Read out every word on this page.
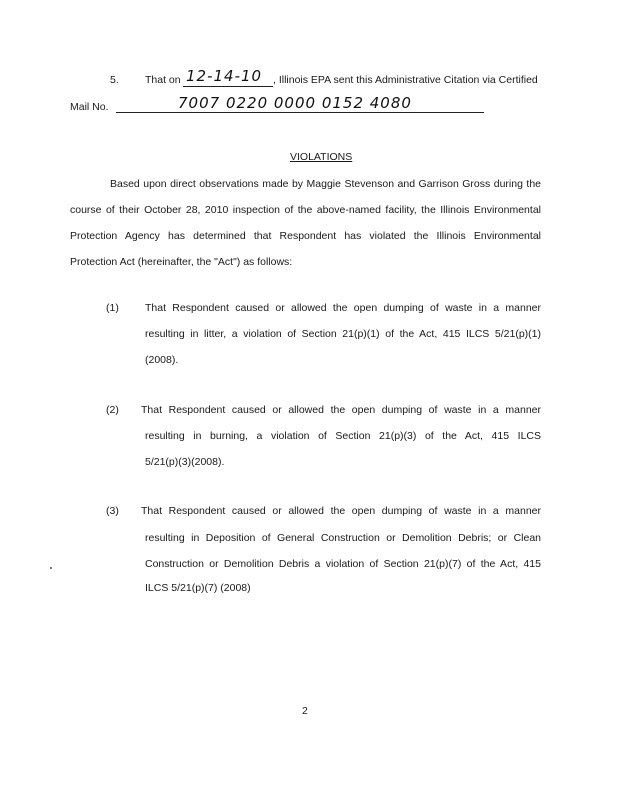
5. That on 12-14-10 , Illinois EPA sent this Administrative Citation via Certified
Mail No.	7007 0220 0000 0152 4080
VIOLATIONS
Based upon direct observations made by Maggie Stevenson and Garrison Gross during the
course of their October 28, 2010 inspection of the above-named facility, the Illinois Environmental
Protection Agency has determined that Respondent has violated the Illinois Environmental
Protection Act (hereinafter, the "Act") as follows:
(1) That Respondent caused or allowed the open dumping of waste in a manner
resulting in litter, a violation of Section 21(p)(1) of the Act, 415 ILCS 5/21(p)(1)
(2008).
(2) That Respondent caused or allowed the open dumping of waste in a manner
resulting in burning, a violation of Section 21(p)(3) of the Act, 415 ILCS
5/21(p)(3)(2008).
(3) That Respondent caused or allowed the open dumping of waste in a manner
resulting in Deposition of General Construction or Demolition Debris; or Clean
Construction or Demolition Debris a violation of Section 21(p)(7) of the Act, 415
ILCS 5/21(p)(7) (2008)
2
